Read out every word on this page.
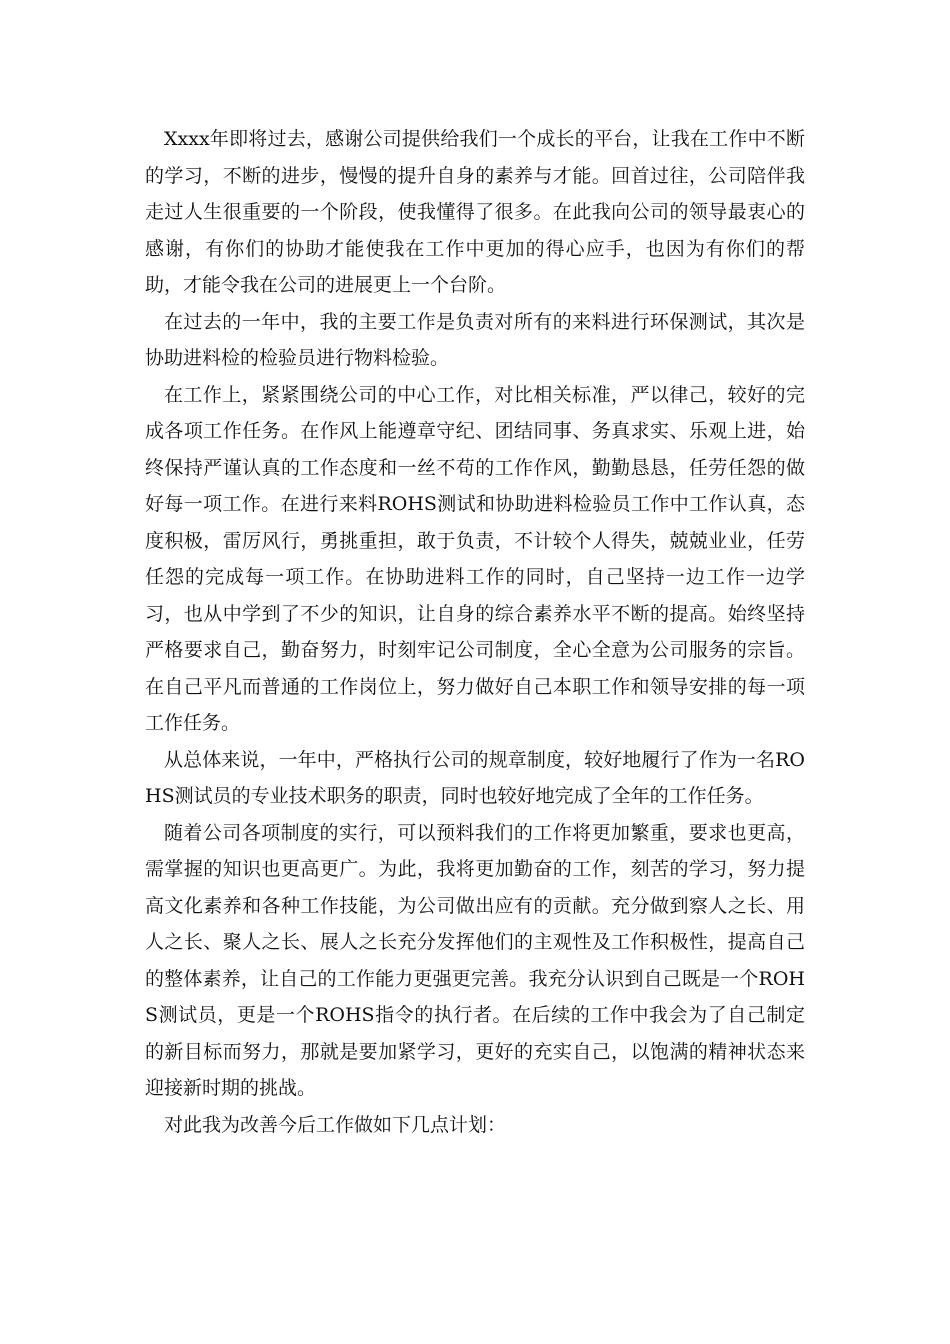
Xxxx年即将过去，感谢公司提供给我们一个成长的平台，让我在工作中不断的学习，不断的进步，慢慢的提升自身的素养与才能。回首过往，公司陪伴我走过人生很重要的一个阶段，使我懂得了很多。在此我向公司的领导最衷心的感谢，有你们的协助才能使我在工作中更加的得心应手，也因为有你们的帮助，才能令我在公司的进展更上一个台阶。

在过去的一年中，我的主要工作是负责对所有的来料进行环保测试，其次是协助进料检的检验员进行物料检验。

在工作上，紧紧围绕公司的中心工作，对比相关标准，严以律己，较好的完成各项工作任务。在作风上能遵章守纪、团结同事、务真求实、乐观上进，始终保持严谨认真的工作态度和一丝不苟的工作作风，勤勤恳恳，任劳任怨的做好每一项工作。在进行来料ROHS测试和协助进料检验员工作中工作认真，态度积极，雷厉风行，勇挑重担，敢于负责，不计较个人得失，兢兢业业，任劳任怨的完成每一项工作。在协助进料工作的同时，自己坚持一边工作一边学习，也从中学到了不少的知识，让自身的综合素养水平不断的提高。始终坚持严格要求自己，勤奋努力，时刻牢记公司制度，全心全意为公司服务的宗旨。在自己平凡而普通的工作岗位上，努力做好自己本职工作和领导安排的每一项工作任务。

从总体来说，一年中，严格执行公司的规章制度，较好地履行了作为一名ROHS测试员的专业技术职务的职责，同时也较好地完成了全年的工作任务。

随着公司各项制度的实行，可以预料我们的工作将更加繁重，要求也更高，需掌握的知识也更高更广。为此，我将更加勤奋的工作，刻苦的学习，努力提高文化素养和各种工作技能，为公司做出应有的贡献。充分做到察人之长、用人之长、聚人之长、展人之长充分发挥他们的主观性及工作积极性，提高自己的整体素养，让自己的工作能力更强更完善。我充分认识到自己既是一个ROHS测试员，更是一个ROHS指令的执行者。在后续的工作中我会为了自己制定的新目标而努力，那就是要加紧学习，更好的充实自己，以饱满的精神状态来迎接新时期的挑战。

对此我为改善今后工作做如下几点计划：
